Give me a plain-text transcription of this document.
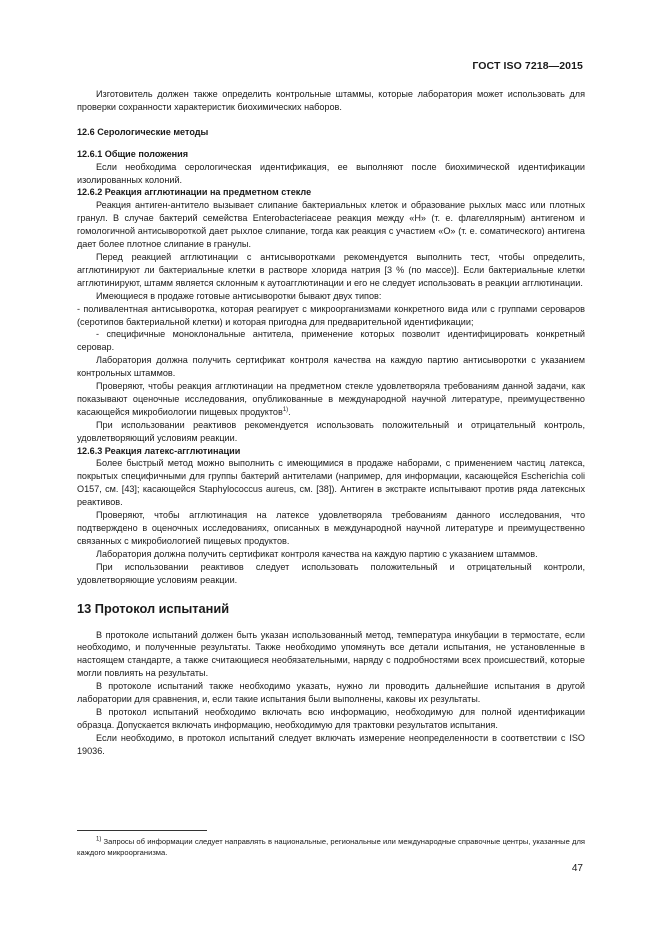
ГОСТ ISO 7218—2015

Изготовитель должен также определить контрольные штаммы, которые лаборатория может использовать для проверки сохранности характеристик биохимических наборов.

12.6 Серологические методы

12.6.1 Общие положения

Если необходима серологическая идентификация, ее выполняют после биохимической идентификации изолированных колоний.

12.6.2 Реакция агглютинации на предметном стекле

Реакция антиген-антитело вызывает слипание бактериальных клеток и образование рыхлых масс или плотных гранул. В случае бактерий семейства Enterobacteriaceae реакция между «Н» (т. е. флагеллярным) антигеном и гомологичной антисывороткой дает рыхлое слипание, тогда как реакция с участием «О» (т. е. соматического) антигена дает более плотное слипание в гранулы.

Перед реакцией агглютинации с антисыворотками рекомендуется выполнить тест, чтобы определить, агглютинируют ли бактериальные клетки в растворе хлорида натрия [3 % (по массе)]. Если бактериальные клетки агглютинируют, штамм является склонным к аутоагглютинации и его не следует использовать в реакции агглютинации.

Имеющиеся в продаже готовые антисыворотки бывают двух типов:

- поливалентная антисыворотка, которая реагирует с микроорганизмами конкретного вида или с группами сероваров (серотипов бактериальной клетки) и которая пригодна для предварительной идентификации;

- специфичные моноклональные антитела, применение которых позволит идентифицировать конкретный серовар.

Лаборатория должна получить сертификат контроля качества на каждую партию антисыворотки с указанием контрольных штаммов.

Проверяют, чтобы реакция агглютинации на предметном стекле удовлетворяла требованиям данной задачи, как показывают оценочные исследования, опубликованные в международной научной литературе, преимущественно касающейся микробиологии пищевых продуктов$^{1)}$.

При использовании реактивов рекомендуется использовать положительный и отрицательный контроль, удовлетворяющий условиям реакции.

12.6.3 Реакция латекс-агглютинации

Более быстрый метод можно выполнить с имеющимися в продаже наборами, с применением частиц латекса, покрытых специфичными для группы бактерий антителами (например, для информации, касающейся Escherichia coli O157, см. [43]; касающейся Staphylococcus aureus, см. [38]). Антиген в экстракте испытывают против ряда латексных реактивов.

Проверяют, чтобы агглютинация на латексе удовлетворяла требованиям данного исследования, что подтверждено в оценочных исследованиях, описанных в международной научной литературе и преимущественно связанных с микробиологией пищевых продуктов.

Лаборатория должна получить сертификат контроля качества на каждую партию с указанием штаммов.

При использовании реактивов следует использовать положительный и отрицательный контроли, удовлетворяющие условиям реакции.

13 Протокол испытаний

В протоколе испытаний должен быть указан использованный метод, температура инкубации в термостате, если необходимо, и полученные результаты. Также необходимо упомянуть все детали испытания, не установленные в настоящем стандарте, а также считающиеся необязательными, наряду с подробностями всех происшествий, которые могли повлиять на результаты.

В протоколе испытаний также необходимо указать, нужно ли проводить дальнейшие испытания в другой лаборатории для сравнения, и, если такие испытания были выполнены, каковы их результаты.

В протокол испытаний необходимо включать всю информацию, необходимую для полной идентификации образца. Допускается включать информацию, необходимую для трактовки результатов испытания.

Если необходимо, в протокол испытаний следует включать измерение неопределенности в соответствии с ISO 19036.

$^{1)}$ Запросы об информации следует направлять в национальные, региональные или международные справочные центры, указанные для каждого микроорганизма.
47
